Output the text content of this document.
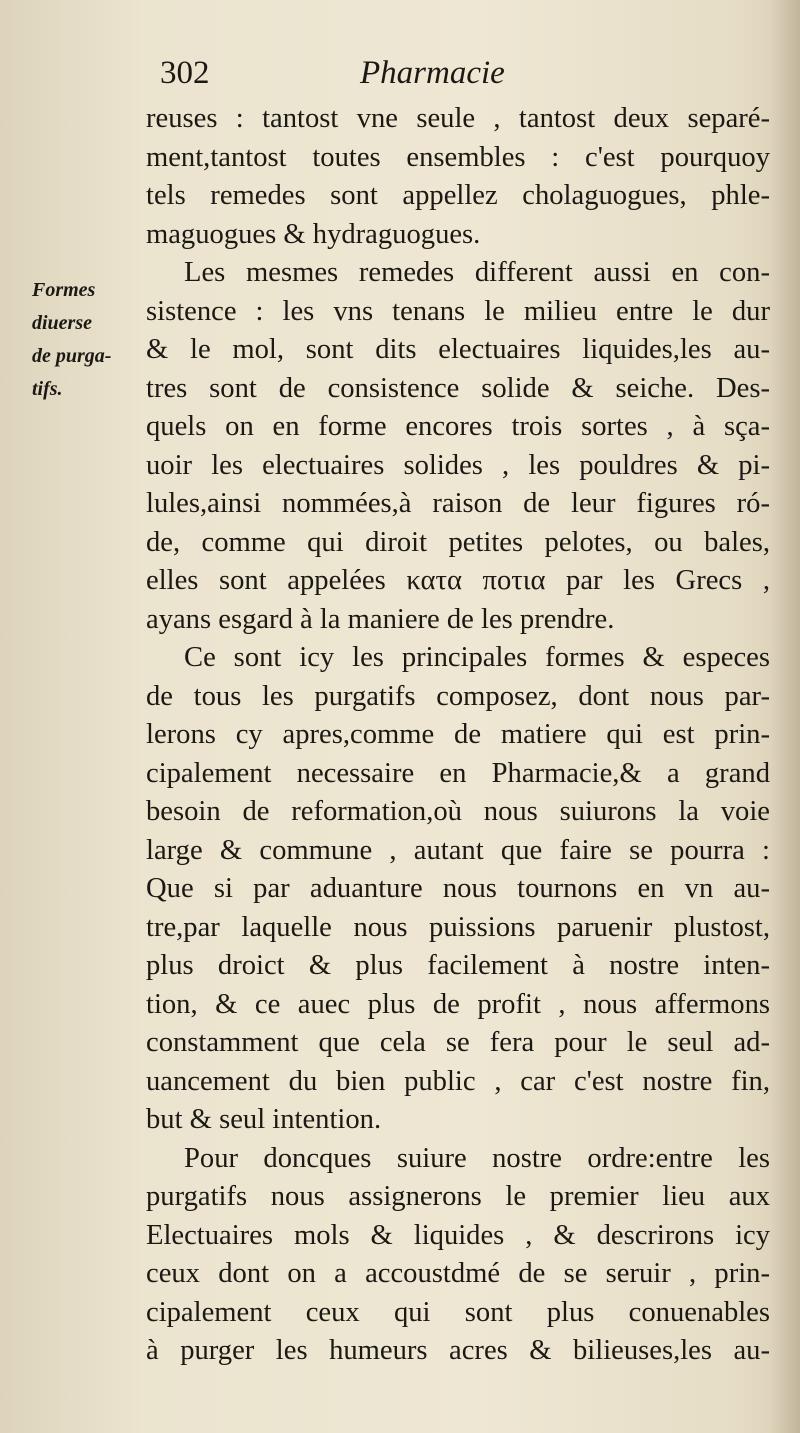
302	Pharmacie
Formes
diuerse
de purga-
tifs.
reuses : tantost vne seule , tantost deux separé-
ment,tantost toutes ensembles : c'est pourquoy
tels remedes sont appellez cholaguogues, phle-
maguogues & hydraguogues.
Les mesmes remedes different aussi en con-
sistence : les vns tenans le milieu entre le dur
& le mol, sont dits electuaires liquides,les au-
tres sont de consistence solide & seiche. Des-
quels on en forme encores trois sortes , à sça-
uoir les electuaires solides , les pouldres & pi-
lules,ainsi nommées,à raison de leur figures ró-
de, comme qui diroit petites pelotes, ou bales,
elles sont appelées κατα ποτια par les Grecs ,
ayans esgard à la maniere de les prendre.
Ce sont icy les principales formes & especes
de tous les purgatifs composez, dont nous par-
lerons cy apres,comme de matiere qui est prin-
cipalement necessaire en Pharmacie,& a grand
besoin de reformation,où nous suiurons la voie
large & commune , autant que faire se pourra :
Que si par aduanture nous tournons en vn au-
tre,par laquelle nous puissions paruenir plustost,
plus droict & plus facilement à nostre inten-
tion, & ce auec plus de profit , nous affermons
constamment que cela se fera pour le seul ad-
uancement du bien public , car c'est nostre fin,
but & seul intention.
Pour doncques suiure nostre ordre:entre les
purgatifs nous assignerons le premier lieu aux
Electuaires mols & liquides , & descrirons icy
ceux dont on a accoustdmé de se seruir , prin-
cipalement ceux qui sont plus conuenables
à purger les humeurs acres & bilieuses,les au-
